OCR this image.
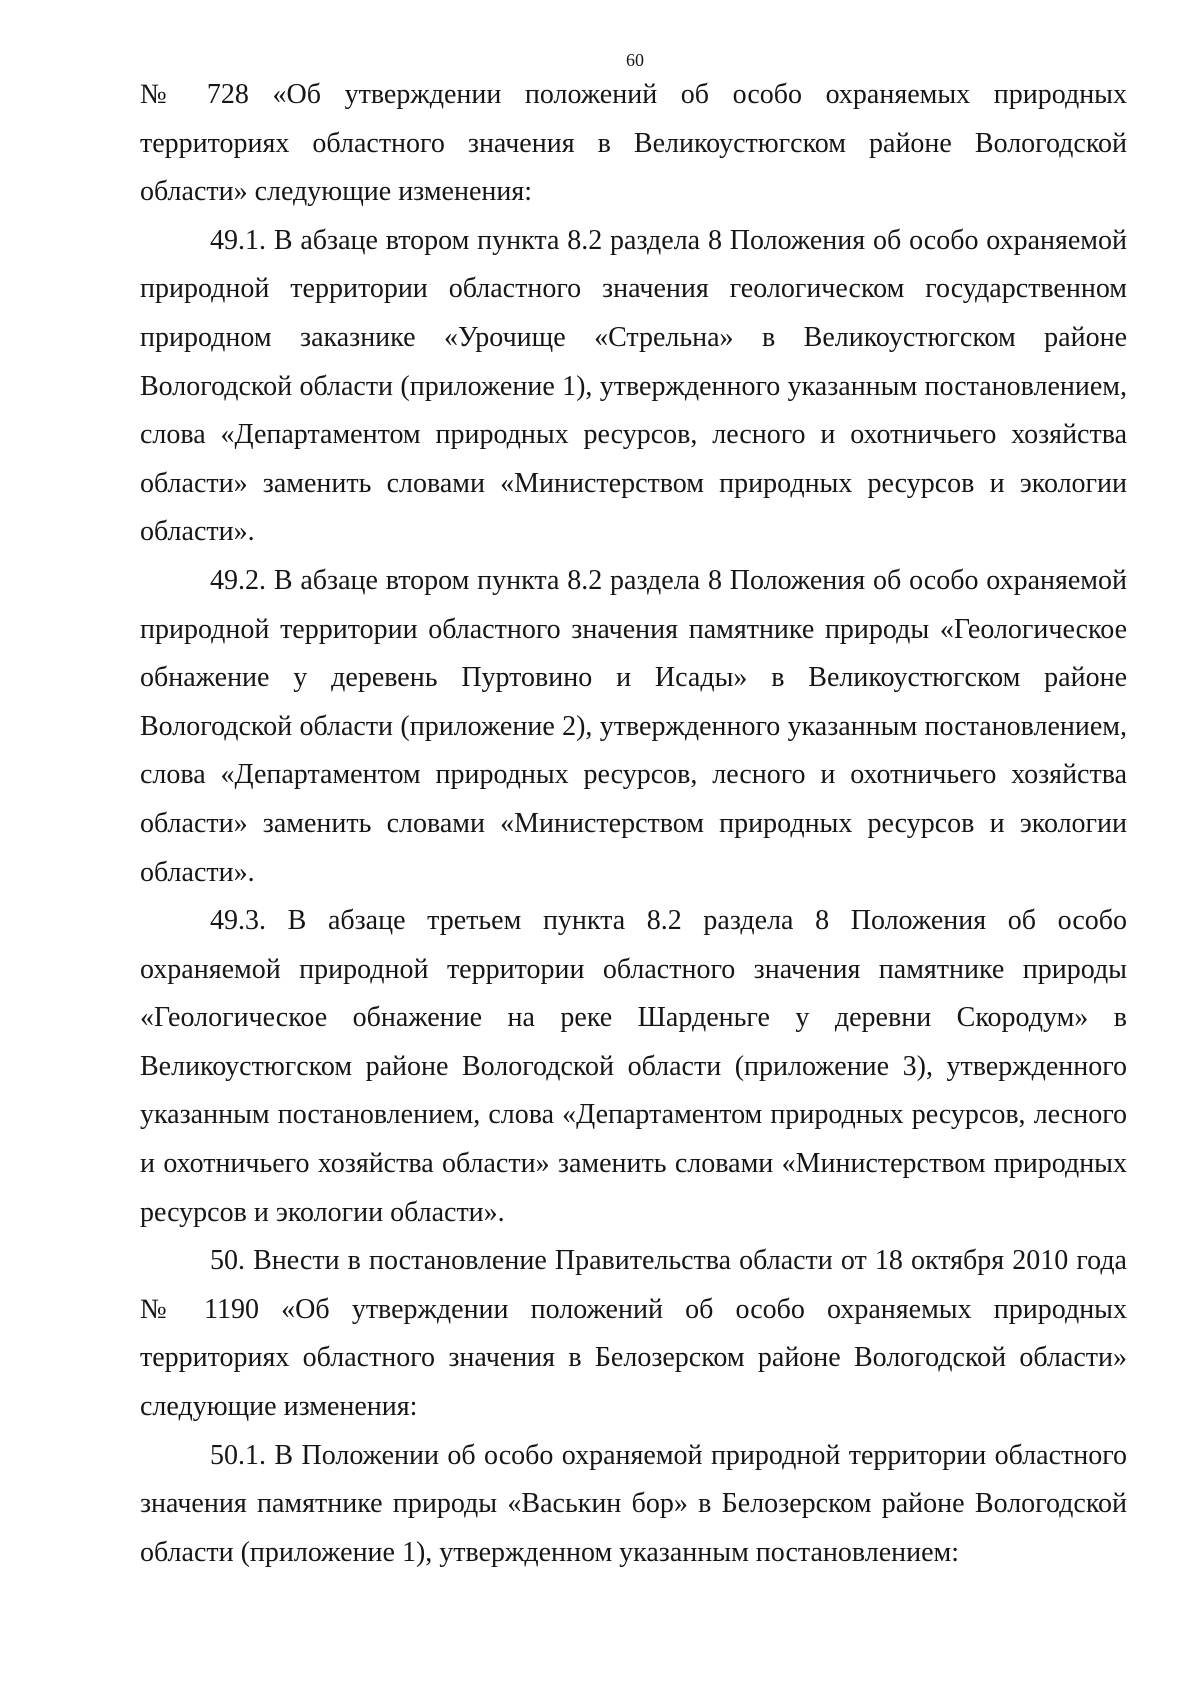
60

№ 728 «Об утверждении положений об особо охраняемых природных территориях областного значения в Великоустюгском районе Вологодской области» следующие изменения:

49.1. В абзаце втором пункта 8.2 раздела 8 Положения об особо охраняемой природной территории областного значения геологическом государственном природном заказнике «Урочище «Стрельна» в Великоустюгском районе Вологодской области (приложение 1), утвержденного указанным постановлением, слова «Департаментом природных ресурсов, лесного и охотничьего хозяйства области» заменить словами «Министерством природных ресурсов и экологии области».

49.2. В абзаце втором пункта 8.2 раздела 8 Положения об особо охраняемой природной территории областного значения памятнике природы «Геологическое обнажение у деревень Пуртовино и Исады» в Великоустюгском районе Вологодской области (приложение 2), утвержденного указанным постановлением, слова «Департаментом природных ресурсов, лесного и охотничьего хозяйства области» заменить словами «Министерством природных ресурсов и экологии области».

49.3. В абзаце третьем пункта 8.2 раздела 8 Положения об особо охраняемой природной территории областного значения памятнике природы «Геологическое обнажение на реке Шарденьге у деревни Скородум» в Великоустюгском районе Вологодской области (приложение 3), утвержденного указанным постановлением, слова «Департаментом природных ресурсов, лесного и охотничьего хозяйства области» заменить словами «Министерством природных ресурсов и экологии области».

50. Внести в постановление Правительства области от 18 октября 2010 года № 1190 «Об утверждении положений об особо охраняемых природных территориях областного значения в Белозерском районе Вологодской области» следующие изменения:

50.1. В Положении об особо охраняемой природной территории областного значения памятнике природы «Васькин бор» в Белозерском районе Вологодской области (приложение 1), утвержденном указанным постановлением:
